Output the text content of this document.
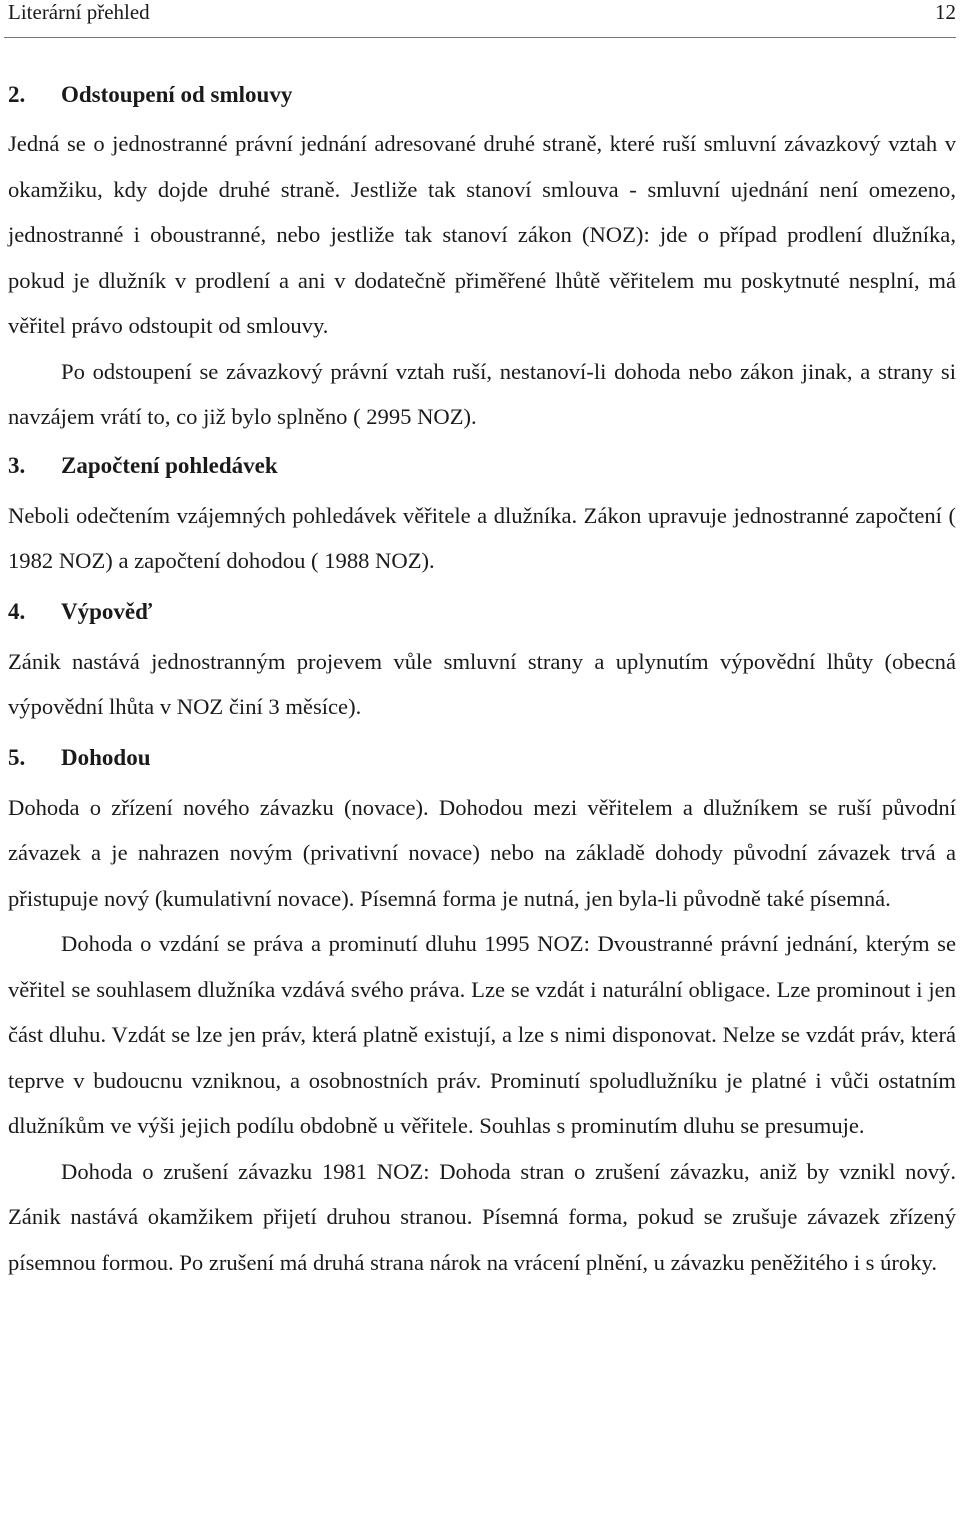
Literární přehled	12
2.	Odstoupení od smlouvy

Jedná se o jednostranné právní jednání adresované druhé straně, které ruší smluvní závazkový vztah v okamžiku, kdy dojde druhé straně. Jestliže tak stanoví smlouva - smluvní ujednání není omezeno, jednostranné i oboustranné, nebo jestliže tak stanoví zákon (NOZ): jde o případ prodlení dlužníka, pokud je dlužník v prodlení a ani v dodatečně přiměřené lhůtě věřitelem mu poskytnuté nesplní, má věřitel právo odstoupit od smlouvy.

Po odstoupení se závazkový právní vztah ruší, nestanoví-li dohoda nebo zákon jinak, a strany si navzájem vrátí to, co již bylo splněno ( 2995 NOZ).

3.	Započtení pohledávek

Neboli odečtením vzájemných pohledávek věřitele a dlužníka. Zákon upravuje jednostranné započtení ( 1982 NOZ) a započtení dohodou ( 1988 NOZ).

4.	Výpověď

Zánik nastává jednostranným projevem vůle smluvní strany a uplynutím výpovědní lhůty (obecná výpovědní lhůta v NOZ činí 3 měsíce).

5.	Dohodou

Dohoda o zřízení nového závazku (novace). Dohodou mezi věřitelem a dlužníkem se ruší původní závazek a je nahrazen novým (privativní novace) nebo na základě dohody původní závazek trvá a přistupuje nový (kumulativní novace). Písemná forma je nutná, jen byla-li původně také písemná.

Dohoda o vzdání se práva a prominutí dluhu 1995 NOZ: Dvoustranné právní jednání, kterým se věřitel se souhlasem dlužníka vzdává svého práva. Lze se vzdát i naturální obligace. Lze prominout i jen část dluhu. Vzdát se lze jen práv, která platně existují, a lze s nimi disponovat. Nelze se vzdát práv, která teprve v budoucnu vzniknou, a osobnostních práv. Prominutí spoludlužníku je platné i vůči ostatním dlužníkům ve výši jejich podílu obdobně u věřitele. Souhlas s prominutím dluhu se presumuje.

Dohoda o zrušení závazku 1981 NOZ: Dohoda stran o zrušení závazku, aniž by vznikl nový. Zánik nastává okamžikem přijetí druhou stranou. Písemná forma, pokud se zrušuje závazek zřízený písemnou formou. Po zrušení má druhá strana nárok na vrácení plnění, u závazku peněžitého i s úroky.
